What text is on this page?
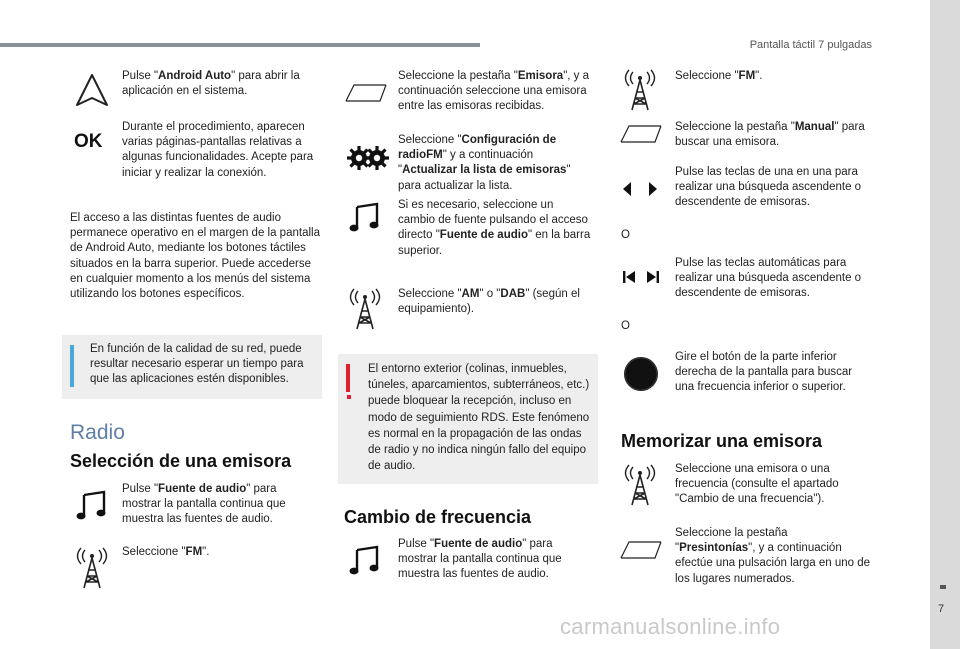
Pantalla táctil 7 pulgadas
7
Pulse "Android Auto" para abrir la aplicación en el sistema.
OK
Durante el procedimiento, aparecen varias páginas-pantallas relativas a algunas funcionalidades. Acepte para iniciar y realizar la conexión.
El acceso a las distintas fuentes de audio permanece operativo en el margen de la pantalla de Android Auto, mediante los botones táctiles situados en la barra superior. Puede accederse en cualquier momento a los menús del sistema utilizando los botones específicos.
En función de la calidad de su red, puede resultar necesario esperar un tiempo para que las aplicaciones estén disponibles.
Radio
Selección de una emisora
Pulse "Fuente de audio" para mostrar la pantalla continua que muestra las fuentes de audio.
Seleccione "FM".
Seleccione la pestaña "Emisora", y a continuación seleccione una emisora entre las emisoras recibidas.
Seleccione "Configuración de radioFM" y a continuación "Actualizar la lista de emisoras" para actualizar la lista.
Si es necesario, seleccione un cambio de fuente pulsando el acceso directo "Fuente de audio" en la barra superior.
Seleccione "AM" o "DAB" (según el equipamiento).
El entorno exterior (colinas, inmuebles, túneles, aparcamientos, subterráneos, etc.) puede bloquear la recepción, incluso en modo de seguimiento RDS. Este fenómeno es normal en la propagación de las ondas de radio y no indica ningún fallo del equipo de audio.
Cambio de frecuencia
Pulse "Fuente de audio" para mostrar la pantalla continua que muestra las fuentes de audio.
Seleccione "FM".
Seleccione la pestaña "Manual" para buscar una emisora.
Pulse las teclas de una en una para realizar una búsqueda ascendente o descendente de emisoras.
O
Pulse las teclas automáticas para realizar una búsqueda ascendente o descendente de emisoras.
O
Gire el botón de la parte inferior derecha de la pantalla para buscar una frecuencia inferior o superior.
Memorizar una emisora
Seleccione una emisora o una frecuencia (consulte el apartado "Cambio de una frecuencia").
Seleccione la pestaña "Presintonías", y a continuación efectúe una pulsación larga en uno de los lugares numerados.
carmanualsonline.info
